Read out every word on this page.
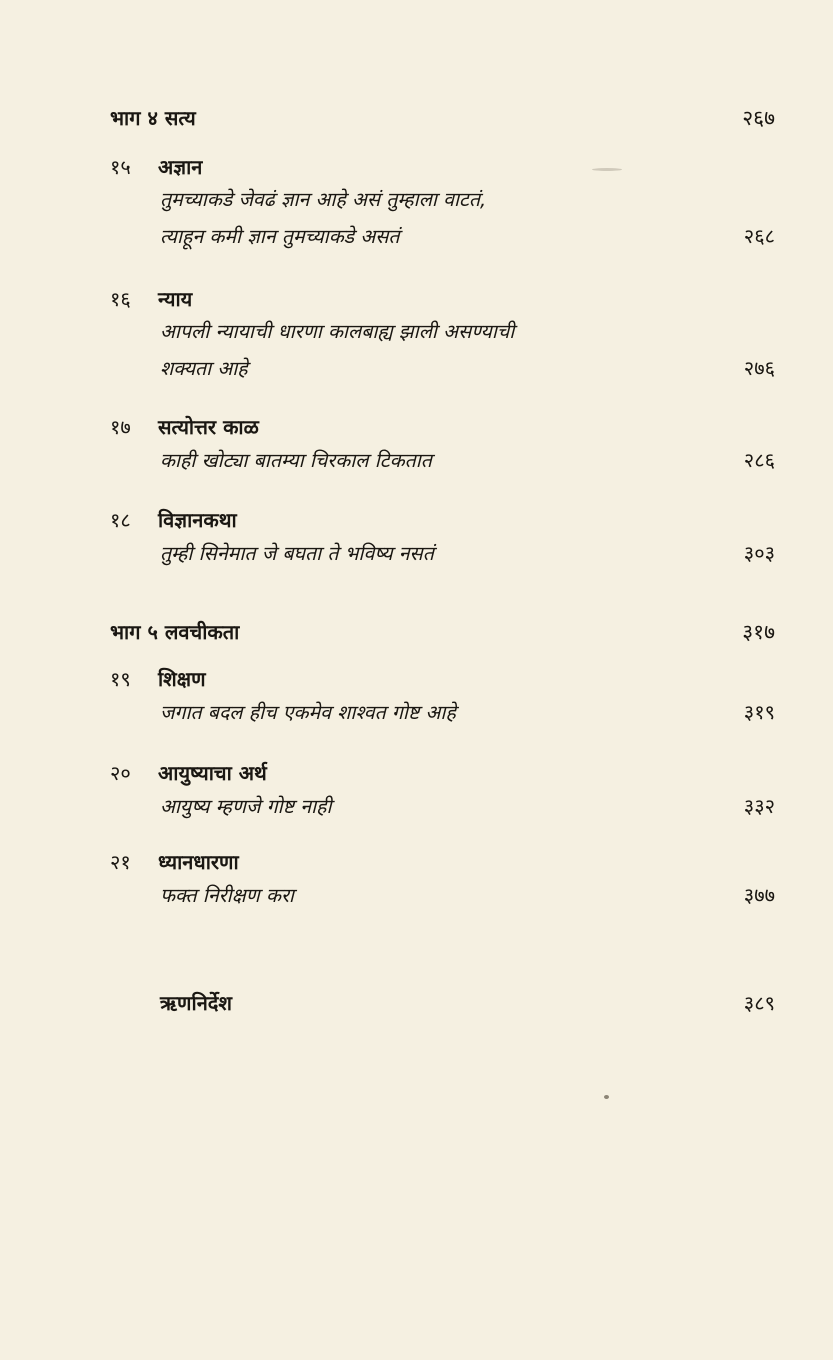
भाग ४ सत्य	२६७
१५	अज्ञान
तुमच्याकडे जेवढं ज्ञान आहे असं तुम्हाला वाटतं,
त्याहून कमी ज्ञान तुमच्याकडे असतं	२६८
१६	न्याय
आपली न्यायाची धारणा कालबाह्य झाली असण्याची
शक्यता आहे	२७६
१७	सत्योत्तर काळ
काही खोट्या बातम्या चिरकाल टिकतात	२८६
१८	विज्ञानकथा
तुम्ही सिनेमात जे बघता ते भविष्य नसतं	३०३
भाग ५ लवचीकता	३१७
१९	शिक्षण
जगात बदल हीच एकमेव शाश्वत गोष्ट आहे	३१९
२०	आयुष्याचा अर्थ
आयुष्य म्हणजे गोष्ट नाही	३३२
२१	ध्यानधारणा
फक्त निरीक्षण करा	३७७
ऋणनिर्देश	३८९
